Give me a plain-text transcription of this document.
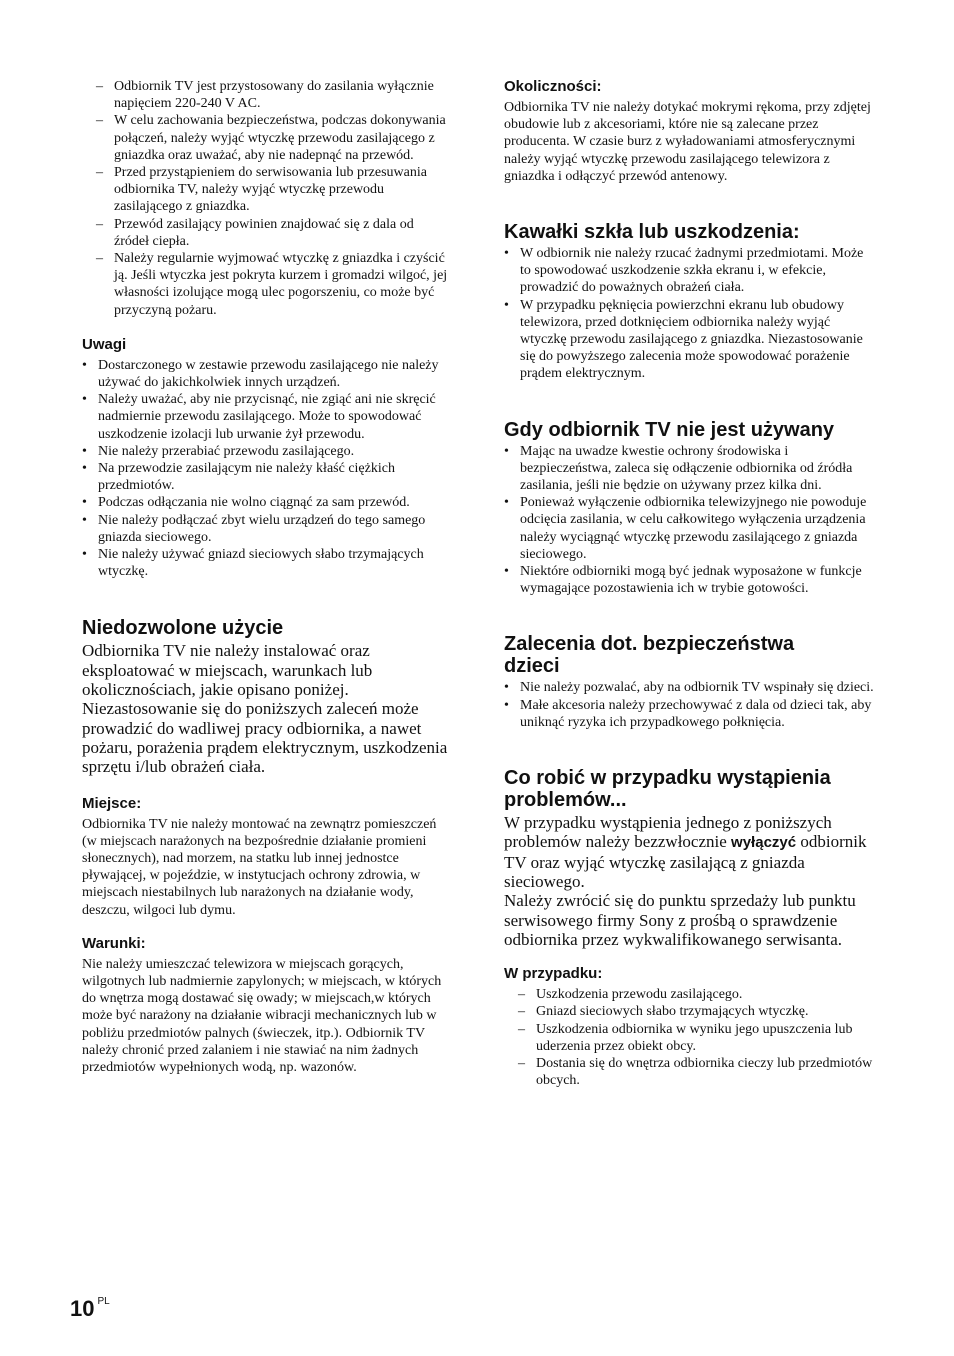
– Odbiornik TV jest przystosowany do zasilania wyłącznie napięciem 220-240 V AC.
– W celu zachowania bezpieczeństwa, podczas dokonywania połączeń, należy wyjąć wtyczkę przewodu zasilającego z gniazdka oraz uważać, aby nie nadepnąć na przewód.
– Przed przystąpieniem do serwisowania lub przesuwania odbiornika TV, należy wyjąć wtyczkę przewodu zasilającego z gniazdka.
– Przewód zasilający powinien znajdować się z dala od źródeł ciepła.
– Należy regularnie wyjmować wtyczkę z gniazdka i czyścić ją. Jeśli wtyczka jest pokryta kurzem i gromadzi wilgoć, jej własności izolujące mogą ulec pogorszeniu, co może być przyczyną pożaru.
Uwagi
• Dostarczonego w zestawie przewodu zasilającego nie należy używać do jakichkolwiek innych urządzeń.
• Należy uważać, aby nie przycisnąć, nie zgiąć ani nie skręcić nadmiernie przewodu zasilającego. Może to spowodować uszkodzenie izolacji lub urwanie żył przewodu.
• Nie należy przerabiać przewodu zasilającego.
• Na przewodzie zasilającym nie należy kłaść ciężkich przedmiotów.
• Podczas odłączania nie wolno ciągnąć za sam przewód.
• Nie należy podłączać zbyt wielu urządzeń do tego samego gniazda sieciowego.
• Nie należy używać gniazd sieciowych słabo trzymających wtyczkę.
Niedozwolone użycie

Odbiornika TV nie należy instalować oraz eksploatować w miejscach, warunkach lub okolicznościach, jakie opisano poniżej. Niezastosowanie się do poniższych zaleceń może prowadzić do wadliwej pracy odbiornika, a nawet pożaru, porażenia prądem elektrycznym, uszkodzenia sprzętu i/lub obrażeń ciała.

Miejsce:

Odbiornika TV nie należy montować na zewnątrz pomieszczeń (w miejscach narażonych na bezpośrednie działanie promieni słonecznych), nad morzem, na statku lub innej jednostce pływającej, w pojeździe, w instytucjach ochrony zdrowia, w miejscach niestabilnych lub narażonych na działanie wody, deszczu, wilgoci lub dymu.

Warunki:

Nie należy umieszczać telewizora w miejscach gorących, wilgotnych lub nadmiernie zapylonych; w miejscach, w których do wnętrza mogą dostawać się owady; w miejscach,w których może być narażony na działanie wibracji mechanicznych lub w pobliżu przedmiotów palnych (świeczek, itp.). Odbiornik TV należy chronić przed zalaniem i nie stawiać na nim żadnych przedmiotów wypełnionych wodą, np. wazonów.

Okoliczności:

Odbiornika TV nie należy dotykać mokrymi rękoma, przy zdjętej obudowie lub z akcesoriami, które nie są zalecane przez producenta. W czasie burz z wyładowaniami atmosferycznymi należy wyjąć wtyczkę przewodu zasilającego telewizora z gniazdka i odłączyć przewód antenowy.

Kawałki szkła lub uszkodzenia:
• W odbiornik nie należy rzucać żadnymi przedmiotami. Może to spowodować uszkodzenie szkła ekranu i, w efekcie, prowadzić do poważnych obrażeń ciała.
• W przypadku pęknięcia powierzchni ekranu lub obudowy telewizora, przed dotknięciem odbiornika należy wyjąć wtyczkę przewodu zasilającego z gniazdka. Niezastosowanie się do powyższego zalecenia może spowodować porażenie prądem elektrycznym.
Gdy odbiornik TV nie jest używany
• Mając na uwadze kwestie ochrony środowiska i bezpieczeństwa, zaleca się odłączenie odbiornika od źródła zasilania, jeśli nie będzie on używany przez kilka dni.
• Ponieważ wyłączenie odbiornika telewizyjnego nie powoduje odcięcia zasilania, w celu całkowitego wyłączenia urządzenia należy wyciągnąć wtyczkę przewodu zasilającego z gniazda sieciowego.
• Niektóre odbiorniki mogą być jednak wyposażone w funkcje wymagające pozostawienia ich w trybie gotowości.
Zalecenia dot. bezpieczeństwa dzieci
• Nie należy pozwalać, aby na odbiornik TV wspinały się dzieci.
• Małe akcesoria należy przechowywać z dala od dzieci tak, aby uniknąć ryzyka ich przypadkowego połknięcia.
Co robić w przypadku wystąpienia problemów...

W przypadku wystąpienia jednego z poniższych problemów należy bezzwłocznie wyłączyć odbiornik TV oraz wyjąć wtyczkę zasilającą z gniazda sieciowego.

Należy zwrócić się do punktu sprzedaży lub punktu serwisowego firmy Sony z prośbą o sprawdzenie odbiornika przez wykwalifikowanego serwisanta.

W przypadku:
– Uszkodzenia przewodu zasilającego.
– Gniazd sieciowych słabo trzymających wtyczkę.
– Uszkodzenia odbiornika w wyniku jego upuszczenia lub uderzenia przez obiekt obcy.
– Dostania się do wnętrza odbiornika cieczy lub przedmiotów obcych.
10 $^{PL}$
